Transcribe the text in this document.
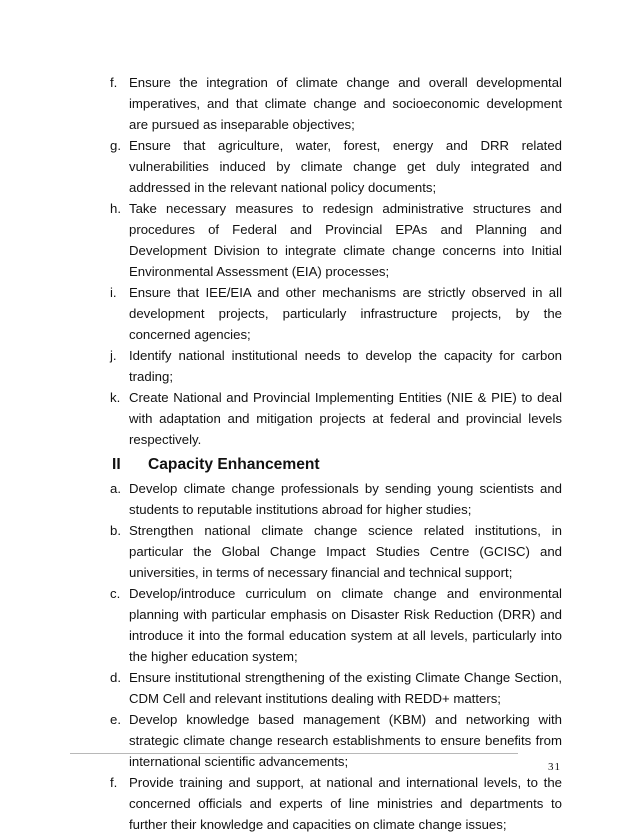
f. Ensure the integration of climate change and overall developmental imperatives, and that climate change and socioeconomic development are pursued as inseparable objectives;
g. Ensure that agriculture, water, forest, energy and DRR related vulnerabilities induced by climate change get duly integrated and addressed in the relevant national policy documents;
h. Take necessary measures to redesign administrative structures and procedures of Federal and Provincial EPAs and Planning and Development Division to integrate climate change concerns into Initial Environmental Assessment (EIA) processes;
i. Ensure that IEE/EIA and other mechanisms are strictly observed in all development projects, particularly infrastructure projects, by the concerned agencies;
j. Identify national institutional needs to develop the capacity for carbon trading;
k. Create National and Provincial Implementing Entities (NIE & PIE) to deal with adaptation and mitigation projects at federal and provincial levels respectively.
II Capacity Enhancement
a. Develop climate change professionals by sending young scientists and students to reputable institutions abroad for higher studies;
b. Strengthen national climate change science related institutions, in particular the Global Change Impact Studies Centre (GCISC) and universities, in terms of necessary financial and technical support;
c. Develop/introduce curriculum on climate change and environmental planning with particular emphasis on Disaster Risk Reduction (DRR) and introduce it into the formal education system at all levels, particularly into the higher education system;
d. Ensure institutional strengthening of the existing Climate Change Section, CDM Cell and relevant institutions dealing with REDD+ matters;
e. Develop knowledge based management (KBM) and networking with strategic climate change research establishments to ensure benefits from international scientific advancements;
f. Provide training and support, at national and international levels, to the concerned officials and experts of line ministries and departments to further their knowledge and capacities on climate change issues;
31
